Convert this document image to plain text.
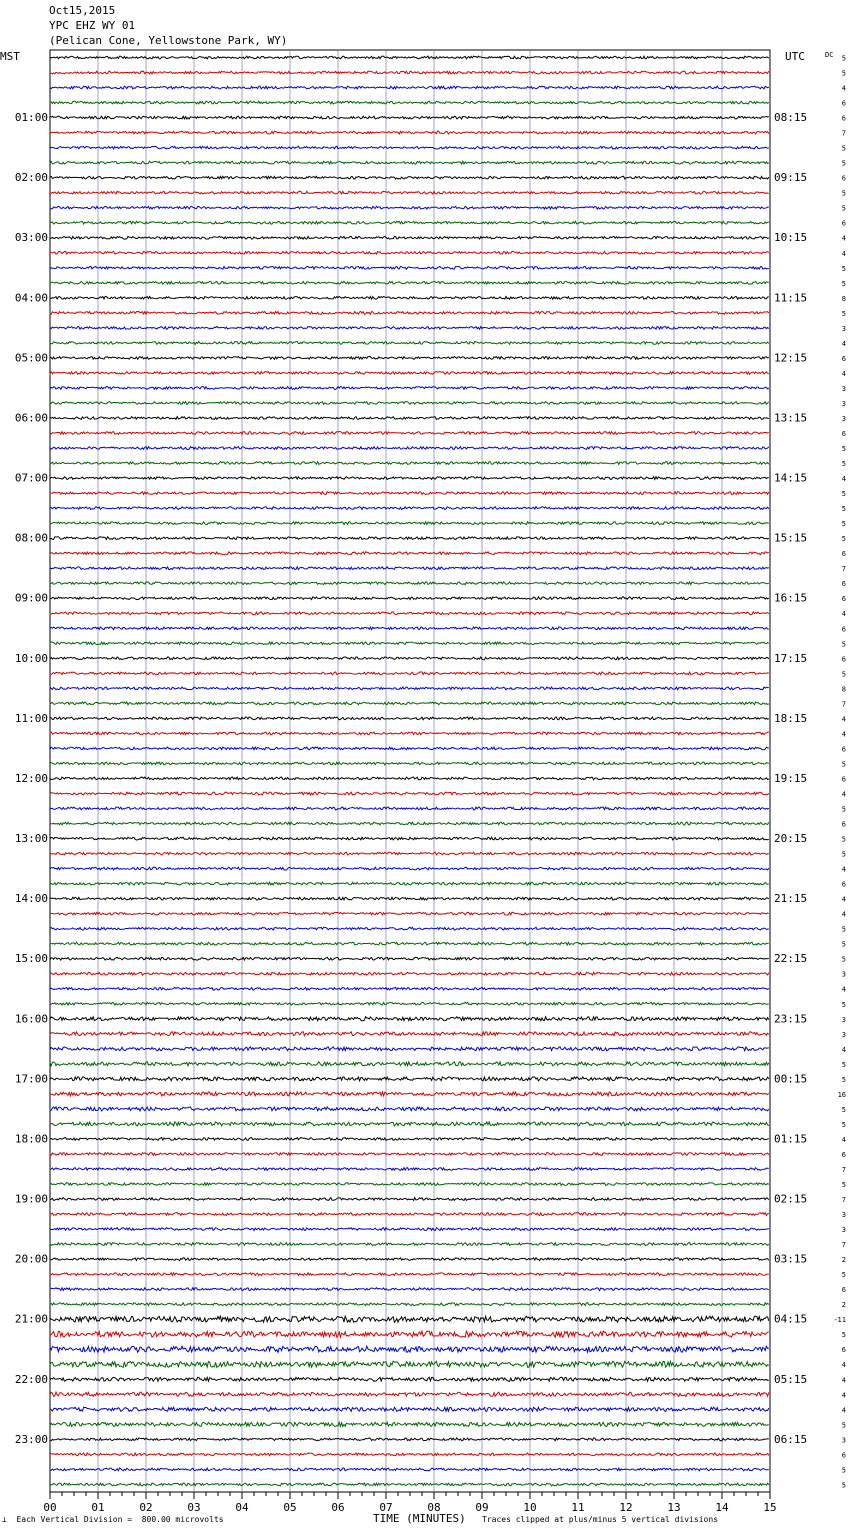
Oct15,2015
YPC EHZ WY 01
(Pelican Cone, Yellowstone Park, WY)
MST	UTC
01:00
02:00
03:00
04:00
05:00
06:00
07:00
08:00
09:00
10:00
11:00
12:00
13:00
14:00
15:00
16:00
17:00
18:00
19:00
20:00
21:00
22:00
23:00
08:15
09:15
10:15
11:15
12:15
13:15
14:15
15:15
16:15
17:15
18:15
19:15
20:15
21:15
22:15
23:15
00:15
01:15
02:15
03:15
04:15
05:15
06:15
5
5
4
6
6
7
5
5
6
5
5
6
4
4
5
5
8
5
3
4
6
4
3
3
3
6
5
5
4
5
5
5
5
6
7
6
6
4
6
5
6
5
8
7
4
4
6
5
6
4
5
6
5
5
4
6
4
4
5
5
5
3
4
5
3
3
4
5
5
16
5
5
4
6
7
5
7
3
3
7
2
5
6
2
-11
5
6
4
4
4
4
5
3
6
5
5
00	01	02	03	04	05	06	07	08	09	10	11	12	13	14	15
DC
TIME (MINUTES)
⟂ Each Vertical Division =  800.00 microvolts	Traces clipped at plus/minus 5 vertical divisions
